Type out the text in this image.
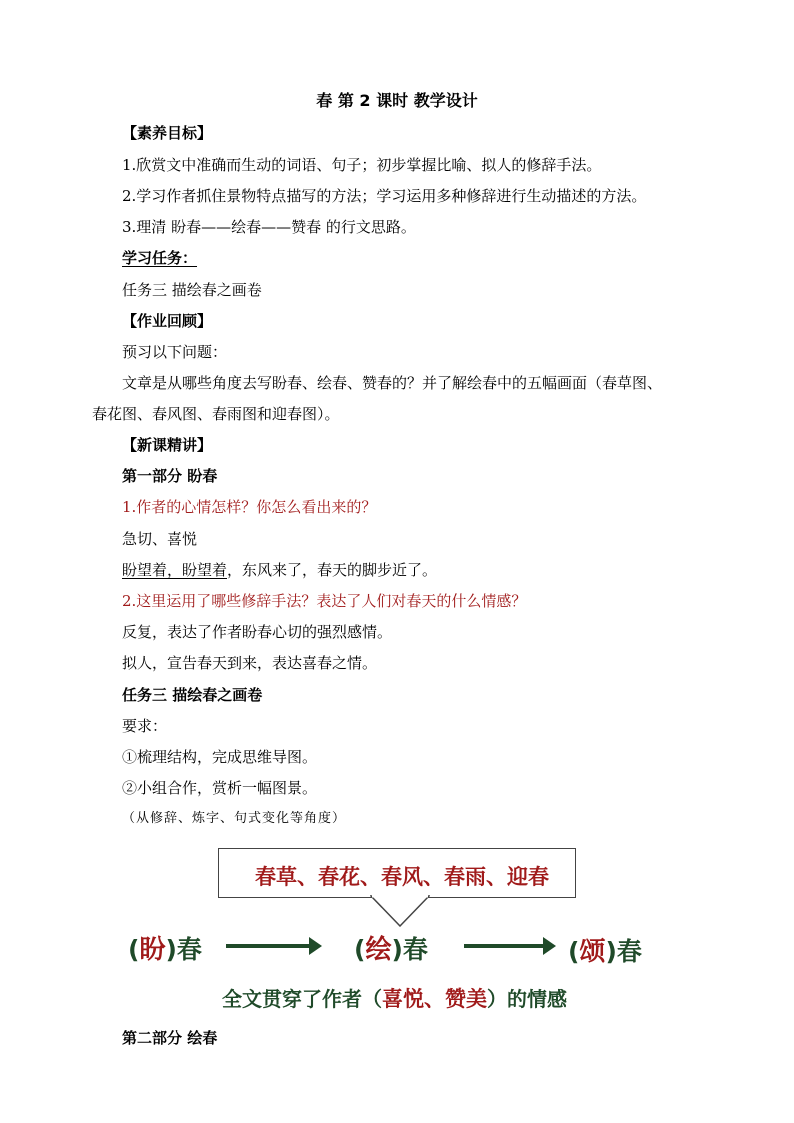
春 第 2 课时 教学设计
【素养目标】
1.欣赏文中准确而生动的词语、句子；初步掌握比喻、拟人的修辞手法。
2.学习作者抓住景物特点描写的方法；学习运用多种修辞进行生动描述的方法。
3.理清 盼春——绘春——赞春 的行文思路。
学习任务：
任务三 描绘春之画卷
【作业回顾】
预习以下问题：
文章是从哪些角度去写盼春、绘春、赞春的？并了解绘春中的五幅画面（春草图、
春花图、春风图、春雨图和迎春图）。
【新课精讲】
第一部分 盼春
1.作者的心情怎样？你怎么看出来的？
急切、喜悦
盼望着，盼望着，东风来了，春天的脚步近了。
2.这里运用了哪些修辞手法？表达了人们对春天的什么情感？
反复，表达了作者盼春心切的强烈感情。
拟人，宣告春天到来，表达喜春之情。
任务三 描绘春之画卷
要求：
①梳理结构，完成思维导图。
②小组合作，赏析一幅图景。
（从修辞、炼字、句式变化等角度）
春草、春花、春风、春雨、迎春
(盼)春	(绘)春	(颂)春
全文贯穿了作者（喜悦、赞美）的情感
第二部分 绘春
